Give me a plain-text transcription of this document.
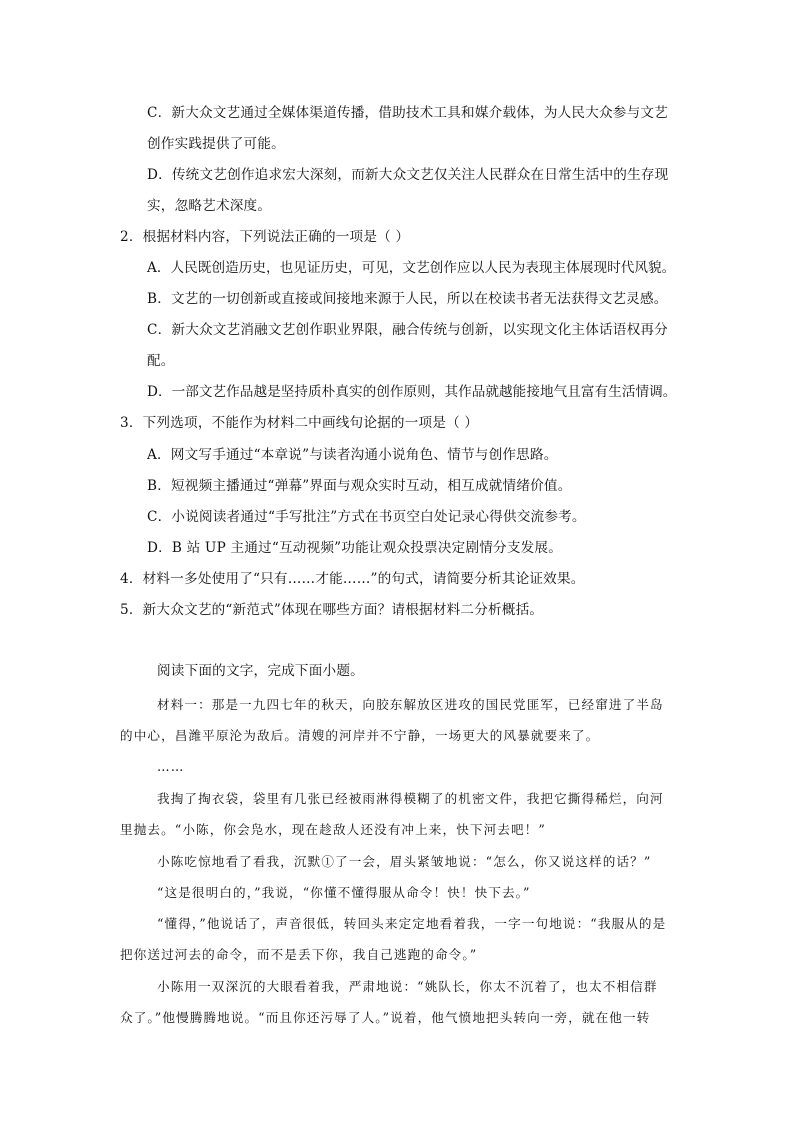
C．新大众文艺通过全媒体渠道传播，借助技术工具和媒介载体，为人民大众参与文艺
创作实践提供了可能。
D．传统文艺创作追求宏大深刻，而新大众文艺仅关注人民群众在日常生活中的生存现
实，忽略艺术深度。
2．根据材料内容，下列说法正确的一项是（ ）
A．人民既创造历史，也见证历史，可见，文艺创作应以人民为表现主体展现时代风貌。
B．文艺的一切创新或直接或间接地来源于人民，所以在校读书者无法获得文艺灵感。
C．新大众文艺消融文艺创作职业界限，融合传统与创新，以实现文化主体话语权再分
配。
D．一部文艺作品越是坚持质朴真实的创作原则，其作品就越能接地气且富有生活情调。
3．下列选项，不能作为材料二中画线句论据的一项是（ ）
A．网文写手通过“本章说”与读者沟通小说角色、情节与创作思路。
B．短视频主播通过“弹幕”界面与观众实时互动，相互成就情绪价值。
C．小说阅读者通过“手写批注”方式在书页空白处记录心得供交流参考。
D．B 站 UP 主通过“互动视频”功能让观众投票决定剧情分支发展。
4．材料一多处使用了“只有……才能……”的句式，请简要分析其论证效果。
5．新大众文艺的“新范式”体现在哪些方面？请根据材料二分析概括。
阅读下面的文字，完成下面小题。
材料一：那是一九四七年的秋天，向胶东解放区进攻的国民党匪军，已经窜进了半岛
的中心，昌潍平原沦为敌后。清嫂的河岸并不宁静，一场更大的风暴就要来了。
……
我掏了掏衣袋，袋里有几张已经被雨淋得模糊了的机密文件，我把它撕得稀烂，向河
里抛去。“小陈，你会凫水，现在趁敌人还没有冲上来，快下河去吧！”
小陈吃惊地看了看我，沉默①了一会，眉头紧皱地说：“怎么，你又说这样的话？”
“这是很明白的，”我说，“你懂不懂得服从命令！快！快下去。”
“懂得，”他说话了，声音很低，转回头来定定地看着我，一字一句地说：“我服从的是
把你送过河去的命令，而不是丢下你，我自己逃跑的命令。”
小陈用一双深沉的大眼看着我，严肃地说：“姚队长，你太不沉着了，也太不相信群
众了。”他慢腾腾地说。“而且你还污辱了人。”说着，他气愤地把头转向一旁，就在他一转
